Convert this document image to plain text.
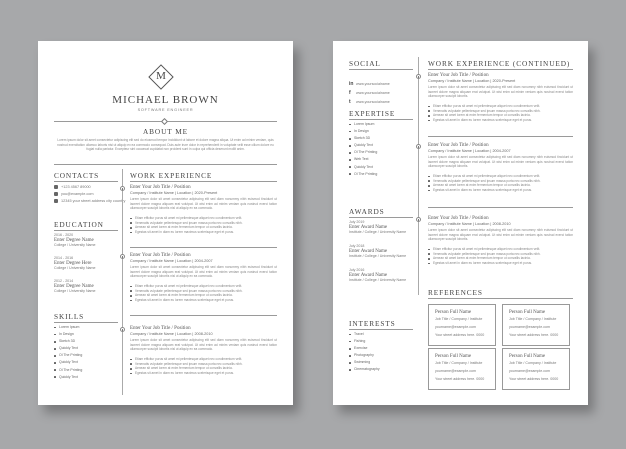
M
MICHAEL BROWN
SOFTWARE ENGINEER
ABOUT ME
Lorem ipsum dolor sit amet consectetur adipiscing elit sed do eiusmod tempor incididunt ut labore et dolore magna aliqua. Ut enim ad minim veniam, quis nostrud exercitation ullamco laboris nisi ut aliquip ex ea commodo consequat. Duis aute irure dolor in reprehenderit in voluptate velit esse cillum dolore eu fugiat nulla pariatur. Excepteur sint occaecat cupidatat non proident sunt in culpa qui officia deserunt mollit anim.
CONTACTS
+123 4567 89000
you@example.com
12345 your street address city country
EDUCATION
2016 - 2020
Enter Degree Name
College / University Name
2014 - 2016
Enter Degree Here
College / University Name
2012 - 2014
Enter Degree Name
College / University Name
SKILLS
Lorem Ipsum
In Design
Sketch 3D
Quickly Text
Ol The Printing
Quickly Text
Ol The Printing
Quickly Text
WORK EXPERIENCE
Enter Your Job Title / Position
Company / Institute Name | Location | 2020-Present
Lorem ipsum dolor sit amet consectetur adipiscing elit sed diam nonummy nibh euismod tincidunt ut laoreet dolore magna aliquam erat volutpat. Ut wisi enim ad minim veniam quis nostrud exerci tation ullamcorper suscipit lobortis nisl ut aliquip ex ea commodo.
Etiam efficitur purus sit amet mi pellentesque aliquet nec condimentum velit.
Venenatis vulputate pellentesque sed ipsum massa porta nec convallis nibh.
Aenean sit amet lorem at enim fermentum tempor ut convallis lacinia.
Egestas sit amet in diam eu lorem maximus scelerisque eget et purus.
Enter Your Job Title / Position
Company / Institute Name | Location | 2004-2007
Lorem ipsum dolor sit amet consectetur adipiscing elit sed diam nonummy nibh euismod tincidunt ut laoreet dolore magna aliquam erat volutpat. Ut wisi enim ad minim veniam quis nostrud exerci tation ullamcorper suscipit lobortis nisl ut aliquip ex ea commodo.
Etiam efficitur purus sit amet mi pellentesque aliquet nec condimentum velit.
Venenatis vulputate pellentesque sed ipsum massa porta nec convallis nibh.
Aenean sit amet lorem at enim fermentum tempor ut convallis lacinia.
Egestas sit amet in diam eu lorem maximus scelerisque eget et purus.
Enter Your Job Title / Position
Company / Institute Name | Location | 2008-2010
Lorem ipsum dolor sit amet consectetur adipiscing elit sed diam nonummy nibh euismod tincidunt ut laoreet dolore magna aliquam erat volutpat. Ut wisi enim ad minim veniam quis nostrud exerci tation ullamcorper suscipit lobortis nisl ut aliquip ex ea commodo.
Etiam efficitur purus sit amet mi pellentesque aliquet nec condimentum velit.
Venenatis vulputate pellentesque sed ipsum massa porta nec convallis nibh.
Aenean sit amet lorem at enim fermentum tempor ut convallis lacinia.
Egestas sit amet in diam eu lorem maximus scelerisque eget et purus.
SOCIAL
in www.yoursocialname
f www.yoursocialname
t www.yoursocialname
EXPERTISE
Lorem Ipsum
In Design
Sketch 3D
Quickly Text
Ol The Printing
Web Text
Quickly Text
Ol The Printing
AWARDS
July 2019
Enter Award Name
Institute / College / University Name
July 2018
Enter Award Name
Institute / College / University Name
July 2016
Enter Award Name
Institute / College / University Name
INTERESTS
Travel
Fishing
Exercise
Photography
Swimming
Cinematography
WORK EXPERIENCE (CONTINUED)
Enter Your Job Title / Position
Company / Institute Name | Location | 2020-Present
Lorem ipsum dolor sit amet consectetur adipiscing elit sed diam nonummy nibh euismod tincidunt ut laoreet dolore magna aliquam erat volutpat. Ut wisi enim ad minim veniam quis nostrud exerci tation ullamcorper suscipit lobortis.
Etiam efficitur purus sit amet mi pellentesque aliquet nec condimentum velit.
Venenatis vulputate pellentesque sed ipsum massa porta nec convallis nibh.
Aenean sit amet lorem at enim fermentum tempor ut convallis lacinia.
Egestas sit amet in diam eu lorem maximus scelerisque eget et purus.
Enter Your Job Title / Position
Company / Institute Name | Location | 2004-2007
Lorem ipsum dolor sit amet consectetur adipiscing elit sed diam nonummy nibh euismod tincidunt ut laoreet dolore magna aliquam erat volutpat. Ut wisi enim ad minim veniam quis nostrud exerci tation ullamcorper suscipit lobortis.
Etiam efficitur purus sit amet mi pellentesque aliquet nec condimentum velit.
Venenatis vulputate pellentesque sed ipsum massa porta nec convallis nibh.
Aenean sit amet lorem at enim fermentum tempor ut convallis lacinia.
Egestas sit amet in diam eu lorem maximus scelerisque eget et purus.
Enter Your Job Title / Position
Company / Institute Name | Location | 2008-2010
Lorem ipsum dolor sit amet consectetur adipiscing elit sed diam nonummy nibh euismod tincidunt ut laoreet dolore magna aliquam erat volutpat. Ut wisi enim ad minim veniam quis nostrud exerci tation ullamcorper suscipit lobortis.
Etiam efficitur purus sit amet mi pellentesque aliquet nec condimentum velit.
Venenatis vulputate pellentesque sed ipsum massa porta nec convallis nibh.
Aenean sit amet lorem at enim fermentum tempor ut convallis lacinia.
Egestas sit amet in diam eu lorem maximus scelerisque eget et purus.
REFERENCES
Person Full Name
Job Title / Company / Institute
yourname@example.com
Your street address here. 0000
Person Full Name
Job Title / Company / Institute
yourname@example.com
Your street address here. 0000
Person Full Name
Job Title / Company / Institute
yourname@example.com
Your street address here. 0000
Person Full Name
Job Title / Company / Institute
yourname@example.com
Your street address here. 0000
